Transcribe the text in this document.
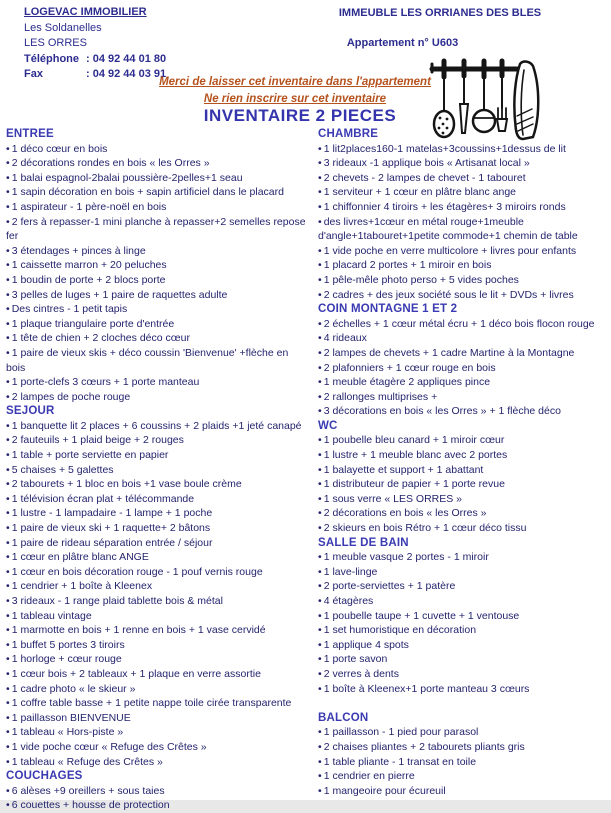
LOGEVAC IMMOBILIER
Les Soldanelles
LES ORRES
Téléphone : 04 92 44 01 80
Fax	: 04 92 44 03 91
IMMEUBLE LES ORRIANES DES BLES
Appartement n° U603
Merci de laisser cet inventaire dans l'appartement
Ne rien inscrire sur cet inventaire
INVENTAIRE 2 PIECES
ENTREE
• 1 déco cœur en bois
• 2 décorations rondes en bois « les Orres »
• 1 balai espagnol-2balai poussière-2pelles+1 seau
• 1 sapin décoration en bois + sapin artificiel dans le placard
• 1 aspirateur - 1 père-noël en bois
• 2 fers à repasser-1 mini planche à repasser+2 semelles repose fer
• 3 étendages + pinces à linge
• 1 caissette marron + 20 peluches
• 1 boudin de porte + 2 blocs porte
• 3 pelles de luges + 1 paire de raquettes adulte
• Des cintres - 1 petit tapis
• 1 plaque triangulaire porte d'entrée
• 1 tête de chien + 2 cloches déco cœur
• 1 paire de vieux skis + déco coussin 'Bienvenue' +flèche en bois
• 1 porte-clefs 3 cœurs + 1 porte manteau
• 2 lampes de poche rouge
SEJOUR
• 1 banquette lit 2 places + 6 coussins + 2 plaids +1 jeté canapé
• 2 fauteuils + 1 plaid beige + 2 rouges
• 1 table + porte serviette en papier
• 5 chaises + 5 galettes
• 2 tabourets + 1 bloc en bois +1 vase boule crème
• 1 télévision écran plat + télécommande
• 1 lustre - 1 lampadaire - 1 lampe + 1 poche
• 1 paire de vieux ski + 1 raquette+ 2 bâtons
• 1 paire de rideau séparation entrée / séjour
• 1 cœur en plâtre blanc ANGE
• 1 cœur en bois décoration rouge - 1 pouf vernis rouge
• 1 cendrier + 1 boîte à Kleenex
• 3 rideaux - 1 range plaid tablette bois & métal
• 1 tableau vintage
• 1 marmotte en bois + 1 renne en bois + 1 vase cervidé
• 1 buffet 5 portes 3 tiroirs
• 1 horloge + cœur rouge
• 1 cœur bois + 2 tableaux + 1 plaque en verre assortie
• 1 cadre photo « le skieur »
• 1 coffre table basse + 1 petite nappe toile cirée transparente
• 1 paillasson BIENVENUE
• 1 tableau « Hors-piste »
• 1 vide poche cœur « Refuge des Crêtes »
• 1 tableau « Refuge des Crêtes »
COUCHAGES
• 6 alèses +9 oreillers + sous taies
• 6 couettes + housse de protection
CHAMBRE
• 1 lit2places160-1 matelas+3coussins+1dessus de lit
• 3 rideaux -1 applique bois « Artisanat local »
• 2 chevets - 2 lampes de chevet - 1 tabouret
• 1 serviteur + 1 cœur en plâtre blanc ange
• 1 chiffonnier 4 tiroirs + les étagères+ 3 miroirs ronds
• des livres+1cœur en métal rouge+1meuble d'angle+1tabouret+1petite commode+1 chemin de table
• 1 vide poche en verre multicolore + livres pour enfants
• 1 placard 2 portes + 1 miroir en bois
• 1 pêle-mêle photo perso + 5 vides poches
• 2 cadres + des jeux société sous le lit + DVDs + livres
COIN MONTAGNE 1 ET 2
• 2 échelles + 1 cœur métal écru + 1 déco bois flocon rouge
• 4 rideaux
• 2 lampes de chevets + 1 cadre Martine à la Montagne
• 2 plafonniers + 1 cœur rouge en bois
• 1 meuble étagère 2 appliques pince
• 2 rallonges multiprises +
• 3 décorations en bois « les Orres » + 1 flèche déco
WC
• 1 poubelle bleu canard + 1 miroir cœur
• 1 lustre + 1 meuble blanc avec 2 portes
• 1 balayette et support + 1 abattant
• 1 distributeur de papier + 1 porte revue
• 1 sous verre « LES ORRES »
• 2 décorations en bois « les Orres »
• 2 skieurs en bois Rétro + 1 cœur déco tissu
SALLE DE BAIN
• 1 meuble vasque 2 portes - 1 miroir
• 1 lave-linge
• 2 porte-serviettes + 1 patère
• 4 étagères
• 1 poubelle taupe + 1 cuvette + 1 ventouse
• 1 set humoristique en décoration
• 1 applique 4 spots
• 1 porte savon
• 2 verres à dents
• 1 boîte à Kleenex+1 porte manteau 3 cœurs
BALCON
• 1 paillasson - 1 pied pour parasol
• 2 chaises pliantes + 2 tabourets pliants gris
• 1 table pliante - 1 transat en toile
• 1 cendrier en pierre
• 1 mangeoire pour écureuil
